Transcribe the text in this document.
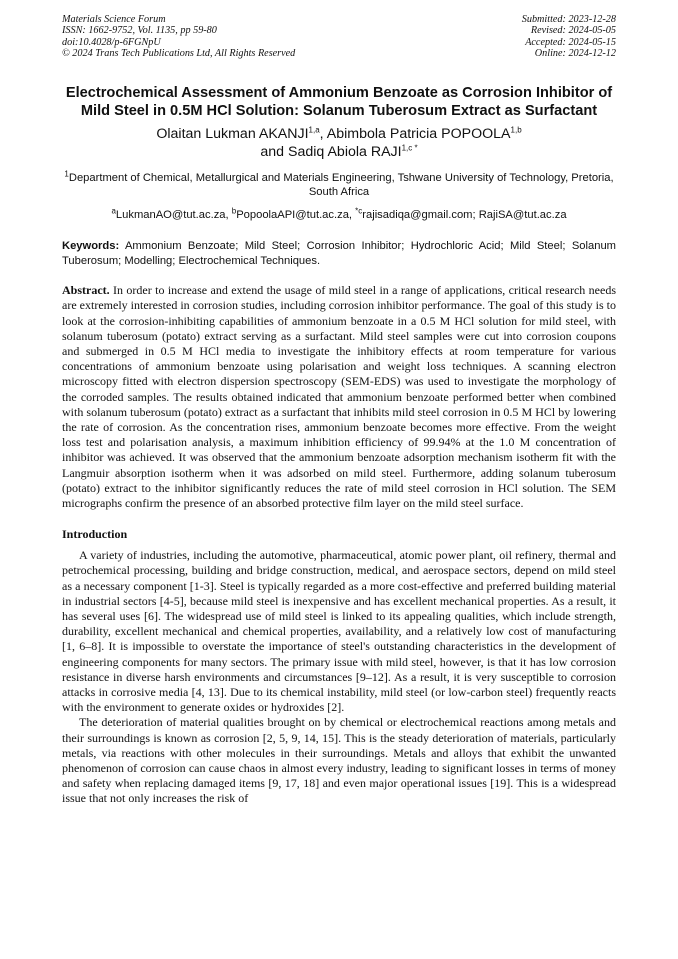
Materials Science Forum
ISSN: 1662-9752, Vol. 1135, pp 59-80
doi:10.4028/p-6FGNpU
© 2024 Trans Tech Publications Ltd, All Rights Reserved
Submitted: 2023-12-28
Revised: 2024-05-05
Accepted: 2024-05-15
Online: 2024-12-12
Electrochemical Assessment of Ammonium Benzoate as Corrosion Inhibitor of Mild Steel in 0.5M HCl Solution: Solanum Tuberosum Extract as Surfactant
Olaitan Lukman AKANJI$^{1,a}$, Abimbola Patricia POPOOLA$^{1,b}$
and Sadiq Abiola $RAJI^{1,c *}$
$^1$Department of Chemical, Metallurgical and Materials Engineering, Tshwane University of Technology, Pretoria, South Africa
$^a$LukmanAO@tut.ac.za, $^b$PopoolaAPI@tut.ac.za, $^{*c}$rajisadiqa@gmail.com; RajiSA@tut.ac.za
Keywords: Ammonium Benzoate; Mild Steel; Corrosion Inhibitor; Hydrochloric Acid; Mild Steel; Solanum Tuberosum; Modelling; Electrochemical Techniques.
Abstract. In order to increase and extend the usage of mild steel in a range of applications, critical research needs are extremely interested in corrosion studies, including corrosion inhibitor performance. The goal of this study is to look at the corrosion-inhibiting capabilities of ammonium benzoate in a 0.5 M HCl solution for mild steel, with solanum tuberosum (potato) extract serving as a surfactant. Mild steel samples were cut into corrosion coupons and submerged in 0.5 M HCl media to investigate the inhibitory effects at room temperature for various concentrations of ammonium benzoate using polarisation and weight loss techniques. A scanning electron microscopy fitted with electron dispersion spectroscopy (SEM-EDS) was used to investigate the morphology of the corroded samples. The results obtained indicated that ammonium benzoate performed better when combined with solanum tuberosum (potato) extract as a surfactant that inhibits mild steel corrosion in 0.5 M HCl by lowering the rate of corrosion. As the concentration rises, ammonium benzoate becomes more effective. From the weight loss test and polarisation analysis, a maximum inhibition efficiency of 99.94% at the 1.0 M concentration of inhibitor was achieved. It was observed that the ammonium benzoate adsorption mechanism isotherm fit with the Langmuir absorption isotherm when it was adsorbed on mild steel. Furthermore, adding solanum tuberosum (potato) extract to the inhibitor significantly reduces the rate of mild steel corrosion in HCl solution. The SEM micrographs confirm the presence of an absorbed protective film layer on the mild steel surface.
Introduction

A variety of industries, including the automotive, pharmaceutical, atomic power plant, oil refinery, thermal and petrochemical processing, building and bridge construction, medical, and aerospace sectors, depend on mild steel as a necessary component [1-3]. Steel is typically regarded as a more cost-effective and preferred building material in industrial sectors [4-5], because mild steel is inexpensive and has excellent mechanical properties. As a result, it has several uses [6]. The widespread use of mild steel is linked to its appealing qualities, which include strength, durability, excellent mechanical and chemical properties, availability, and a relatively low cost of manufacturing [1, 6–8]. It is impossible to overstate the importance of steel's outstanding characteristics in the development of engineering components for many sectors. The primary issue with mild steel, however, is that it has low corrosion resistance in diverse harsh environments and circumstances [9–12]. As a result, it is very susceptible to corrosion attacks in corrosive media [4, 13]. Due to its chemical instability, mild steel (or low-carbon steel) frequently reacts with the environment to generate oxides or hydroxides [2].

The deterioration of material qualities brought on by chemical or electrochemical reactions among metals and their surroundings is known as corrosion [2, 5, 9, 14, 15]. This is the steady deterioration of materials, particularly metals, via reactions with other molecules in their surroundings. Metals and alloys that exhibit the unwanted phenomenon of corrosion can cause chaos in almost every industry, leading to significant losses in terms of money and safety when replacing damaged items [9, 17, 18] and even major operational issues [19]. This is a widespread issue that not only increases the risk of
